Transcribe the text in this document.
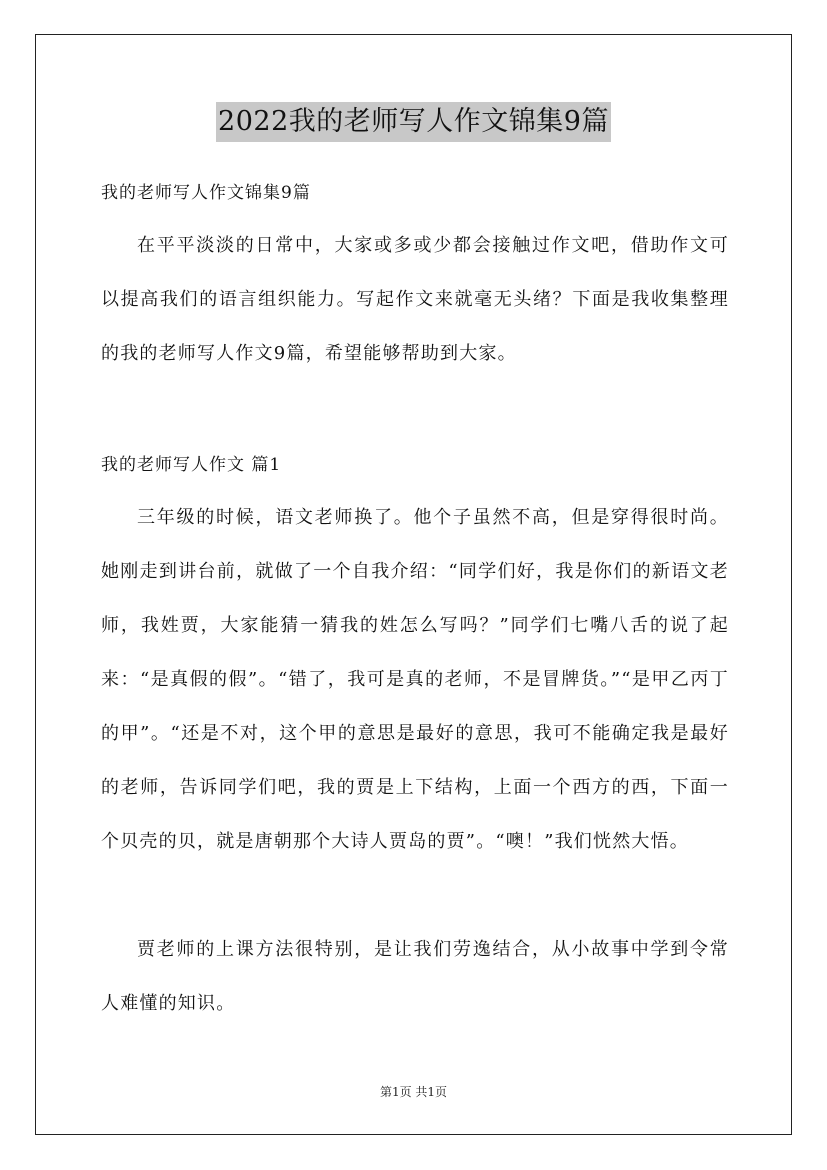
2022我的老师写人作文锦集9篇
我的老师写人作文锦集9篇

在平平淡淡的日常中，大家或多或少都会接触过作文吧，借助作文可以提高我们的语言组织能力。写起作文来就毫无头绪？下面是我收集整理的我的老师写人作文9篇，希望能够帮助到大家。

我的老师写人作文 篇1

三年级的时候，语文老师换了。他个子虽然不高，但是穿得很时尚。她刚走到讲台前，就做了一个自我介绍：“同学们好，我是你们的新语文老师，我姓贾，大家能猜一猜我的姓怎么写吗？”同学们七嘴八舌的说了起来：“是真假的假”。“错了，我可是真的老师，不是冒牌货。”“是甲乙丙丁的甲”。“还是不对，这个甲的意思是最好的意思，我可不能确定我是最好的老师，告诉同学们吧，我的贾是上下结构，上面一个西方的西，下面一个贝壳的贝，就是唐朝那个大诗人贾岛的贾”。“噢！”我们恍然大悟。

贾老师的上课方法很特别，是让我们劳逸结合，从小故事中学到令常人难懂的知识。

第1页 共1页
